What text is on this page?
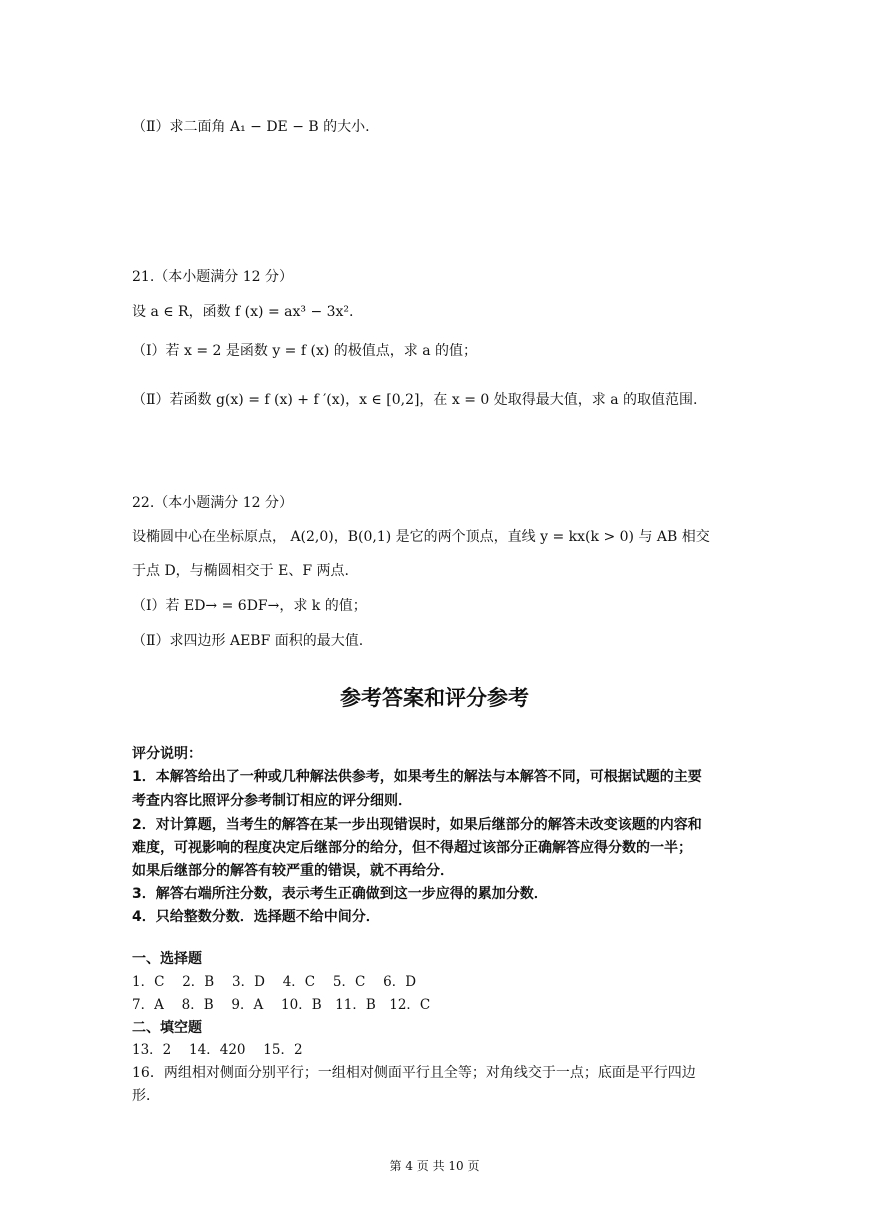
（Ⅱ）求二面角 A₁ − DE − B 的大小.
21.（本小题满分 12 分）
设 a ∈ R，函数 f (x) = ax³ − 3x².
（Ⅰ）若 x = 2 是函数 y = f (x) 的极值点，求 a 的值；
（Ⅱ）若函数 g(x) = f (x) + f ′(x)，x ∈ [0,2]，在 x = 0 处取得最大值，求 a 的取值范围.
22.（本小题满分 12 分）
设椭圆中心在坐标原点， A(2,0)，B(0,1) 是它的两个顶点，直线 y = kx(k > 0) 与 AB 相交
于点 D，与椭圆相交于 E、F 两点.
（Ⅰ）若 ED→ = 6DF→，求 k 的值；
（Ⅱ）求四边形 AEBF 面积的最大值.
参考答案和评分参考
评分说明：
1．本解答给出了一种或几种解法供参考，如果考生的解法与本解答不同，可根据试题的主要
考查内容比照评分参考制订相应的评分细则．
2．对计算题，当考生的解答在某一步出现错误时，如果后继部分的解答未改变该题的内容和
难度，可视影响的程度决定后继部分的给分，但不得超过该部分正确解答应得分数的一半；
如果后继部分的解答有较严重的错误，就不再给分．
3．解答右端所注分数，表示考生正确做到这一步应得的累加分数．
4．只给整数分数．选择题不给中间分．
一、选择题
1．C　 2．B　 3．D　 4．C　 5．C　 6．D
7．A　 8．B　 9．A　 10．B　11．B　12．C
二、填空题
13．2　 14．420　 15．2
16．两组相对侧面分别平行；一组相对侧面平行且全等；对角线交于一点；底面是平行四边
形．
第 4 页 共 10 页
